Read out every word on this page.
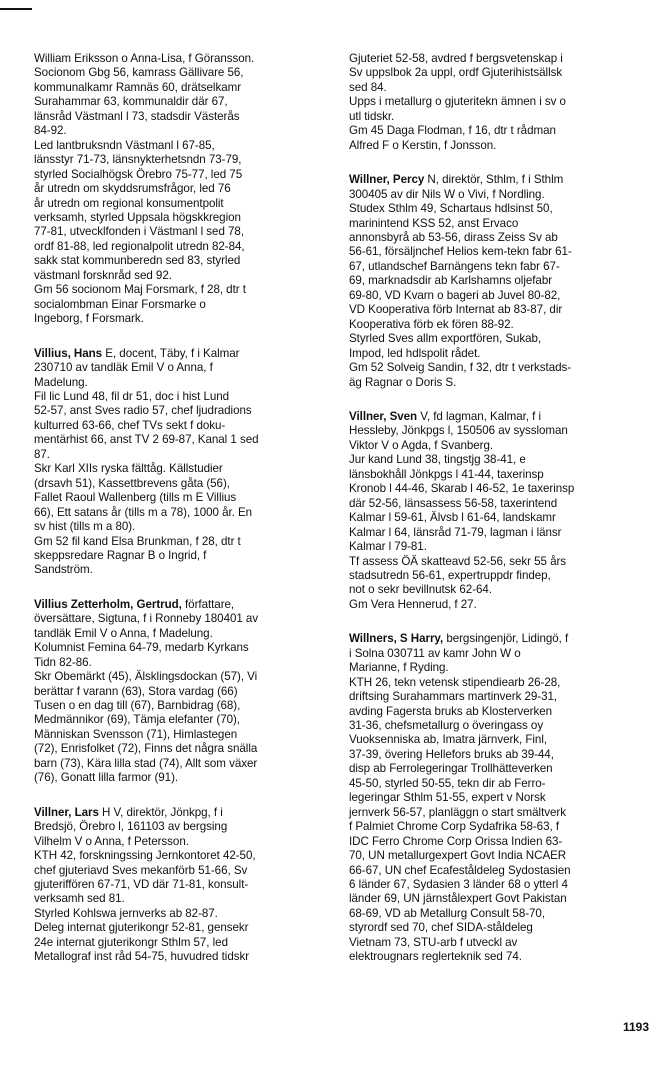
William Eriksson o Anna-Lisa, f Göransson.
Socionom Gbg 56, kamrass Gällivare 56,
kommunalkamr Ramnäs 60, drätselkamr
Surahammar 63, kommunaldir där 67,
länsråd Västmanl l 73, stadsdir Västerås
84-92.
Led lantbruksndn Västmanl l 67-85,
länsstyr 71-73, länsnykterhetsndn 73-79,
styrled Socialhögsk Örebro 75-77, led 75
år utredn om skyddsrumsfrågor, led 76
år utredn om regional konsumentpolit
verksamh, styrled Uppsala högskkregion
77-81, utvecklfonden i Västmanl l sed 78,
ordf 81-88, led regionalpolit utredn 82-84,
sakk stat kommunberedn sed 83, styrled
västmanl forsknråd sed 92.
Gm 56 socionom Maj Forsmark, f 28, dtr t
socialombman Einar Forsmarke o
Ingeborg, f Forsmark.
Villius, Hans E, docent, Täby, f i Kalmar
230710 av tandläk Emil V o Anna, f
Madelung.
Fil lic Lund 48, fil dr 51, doc i hist Lund
52-57, anst Sves radio 57, chef ljudradions
kulturred 63-66, chef TVs sekt f doku-
mentärhist 66, anst TV 2 69-87, Kanal 1 sed
87.
Skr Karl XIIs ryska fälttåg. Källstudier
(drsavh 51), Kassettbrevens gåta (56),
Fallet Raoul Wallenberg (tills m E Villius
66), Ett satans år (tills m a 78), 1000 år. En
sv hist (tills m a 80).
Gm 52 fil kand Elsa Brunkman, f 28, dtr t
skeppsredare Ragnar B o Ingrid, f
Sandström.
Villius Zetterholm, Gertrud, författare,
översättare, Sigtuna, f i Ronneby 180401 av
tandläk Emil V o Anna, f Madelung.
Kolumnist Femina 64-79, medarb Kyrkans
Tidn 82-86.
Skr Obemärkt (45), Älsklingsdockan (57), Vi
berättar f varann (63), Stora vardag (66)
Tusen o en dag till (67), Barnbidrag (68),
Medmännikor (69), Tämja elefanter (70),
Människan Svensson (71), Himlastegen
(72), Enrisfolket (72), Finns det några snälla
barn (73), Kära lilla stad (74), Allt som växer
(76), Gonatt lilla farmor (91).
Villner, Lars H V, direktör, Jönkpg, f i
Bredsjö, Örebro l, 161103 av bergsing
Vilhelm V o Anna, f Petersson.
KTH 42, forskningssing Jernkontoret 42-50,
chef gjuteriavd Sves mekanförb 51-66, Sv
gjuteriffören 67-71, VD där 71-81, konsult-
verksamh sed 81.
Styrled Kohlswa jernverks ab 82-87.
Deleg internat gjuterikongr 52-81, gensekr
24e internat gjuterikongr Sthlm 57, led
Metallograf inst råd 54-75, huvudred tidskr
Gjuteriet 52-58, avdred f bergsvetenskap i
Sv uppslbok 2a uppl, ordf Gjuterihistsällsk
sed 84.
Upps i metallurg o gjuteritekn ämnen i sv o
utl tidskr.
Gm 45 Daga Flodman, f 16, dtr t rådman
Alfred F o Kerstin, f Jonsson.
Willner, Percy N, direktör, Sthlm, f i Sthlm
300405 av dir Nils W o Vivi, f Nordling.
Studex Sthlm 49, Schartaus hdlsinst 50,
marinintend KSS 52, anst Ervaco
annonsbyrå ab 53-56, dirass Zeiss Sv ab
56-61, försäljnchef Helios kem-tekn fabr 61-
67, utlandschef Barnängens tekn fabr 67-
69, marknadsdir ab Karlshamns oljefabr
69-80, VD Kvarn o bageri ab Juvel 80-82,
VD Kooperativa förb Internat ab 83-87, dir
Kooperativa förb ek fören 88-92.
Styrled Sves allm exportfören, Sukab,
Impod, led hdlspolit rådet.
Gm 52 Solveig Sandin, f 32, dtr t verkstads-
äg Ragnar o Doris S.
Villner, Sven V, fd lagman, Kalmar, f i
Hessleby, Jönkpgs l, 150506 av syssloman
Viktor V o Agda, f Svanberg.
Jur kand Lund 38, tingstjg 38-41, e
länsbokhåll Jönkpgs l 41-44, taxerinsp
Kronob l 44-46, Skarab l 46-52, 1e taxerinsp
där 52-56, länsassess 56-58, taxerintend
Kalmar l 59-61, Älvsb l 61-64, landskamr
Kalmar l 64, länsråd 71-79, lagman i länsr
Kalmar l 79-81.
Tf assess ÖÄ skatteavd 52-56, sekr 55 års
stadsutredn 56-61, expertruppdr findep,
not o sekr bevillnutsk 62-64.
Gm Vera Hennerud, f 27.
Willners, S Harry, bergsingenjör, Lidingö, f
i Solna 030711 av kamr John W o
Marianne, f Ryding.
KTH 26, tekn vetensk stipendiearb 26-28,
driftsing Surahammars martinverk 29-31,
avding Fagersta bruks ab Klosterverken
31-36, chefsmetallurg o överingass oy
Vuoksenniska ab, Imatra järnverk, Finl,
37-39, övering Hellefors bruks ab 39-44,
disp ab Ferrolegeringar Trollhätteverken
45-50, styrled 50-55, tekn dir ab Ferro-
legeringar Sthlm 51-55, expert v Norsk
jernverk 56-57, planläggn o start smältverk
f Palmiet Chrome Corp Sydafrika 58-63, f
IDC Ferro Chrome Corp Orissa Indien 63-
70, UN metallurgexpert Govt India NCAER
66-67, UN chef Ecafeståldeleg Sydostasien
6 länder 67, Sydasien 3 länder 68 o ytterl 4
länder 69, UN järnstålexpert Govt Pakistan
68-69, VD ab Metallurg Consult 58-70,
styrordf sed 70, chef SIDA-ståldeleg
Vietnam 73, STU-arb f utveckl av
elektrougnars reglerteknik sed 74.
1193
